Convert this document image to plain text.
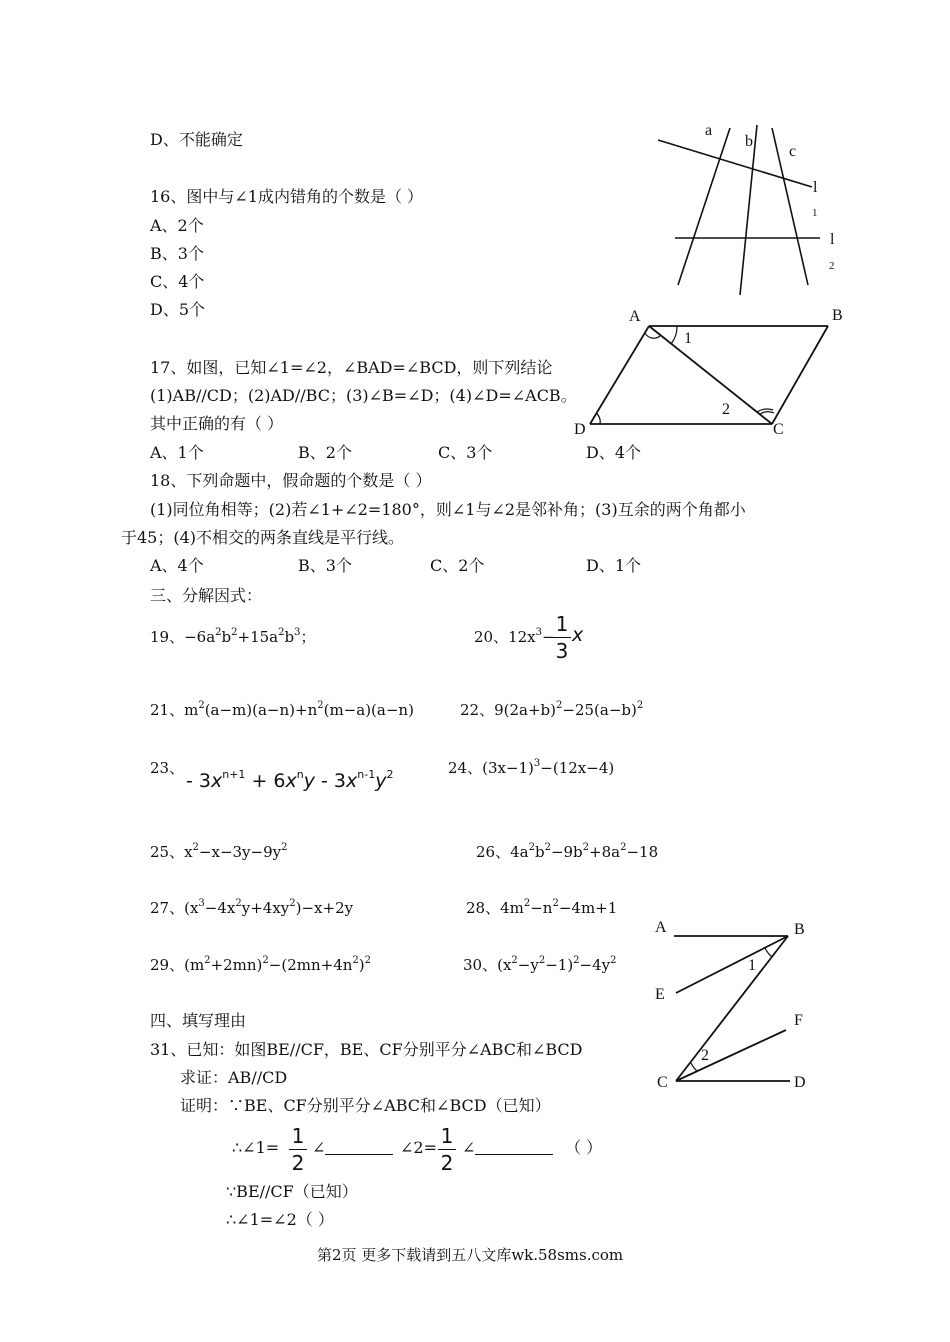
D、不能确定
16、图中与∠1成内错角的个数是（ ）
A、2个
B、3个
C、4个
D、5个
a
b
c
l
1
l
2
A	B
C
D
1
2
17、如图，已知∠1=∠2，∠BAD=∠BCD，则下列结论
(1)AB//CD；(2)AD//BC；(3)∠B=∠D；(4)∠D=∠ACB。
其中正确的有（ ）
A、1个	B、2个	C、3个	D、4个
18、下列命题中，假命题的个数是（ ）
(1)同位角相等；(2)若∠1+∠2=180°，则∠1与∠2是邻补角；(3)互余的两个角都小
于45；(4)不相交的两条直线是平行线。
A、4个	B、3个	C、2个	D、1个
三、分解因式：
19、$-6a^2b^2+15a^2b^3$；	20、$12x^3-$
1
3
x
21、$m^2(a-m)(a-n)+n^2(m-a)(a-n)$	22、$9(2a+b)^2-25(a-b)^2$
23、
- $3x^{n+1} + 6x^ny - 3x^{n-1}y^2$	24、$(3x-1)^3-(12x-4)$
25、$x^2-x-3y-9y^2$	26、$4a^2b^2-9b^2+8a^2-18$
27、$(x^3-4x^2y+4xy^2)-x+2y$	28、$4m^2-n^2-4m+1$
29、$(m^2+2mn)^2-(2mn+4n^2)^2$	30、$(x^2-y^2-1)^2-4y^2$
A	B
E
F
C	D
1
2
四、填写理由
31、已知：如图BE//CF，BE、CF分别平分∠ABC和∠BCD
求证：AB//CD
证明：∵BE、CF分别平分∠ABC和∠BCD（已知）
∴∠1= 1
2
∠	∠2= 1
2
∠	（ ）
∵BE//CF（已知）
∴∠1=∠2（ ）
第2页 更多下载请到五八文库wk.58sms.com
